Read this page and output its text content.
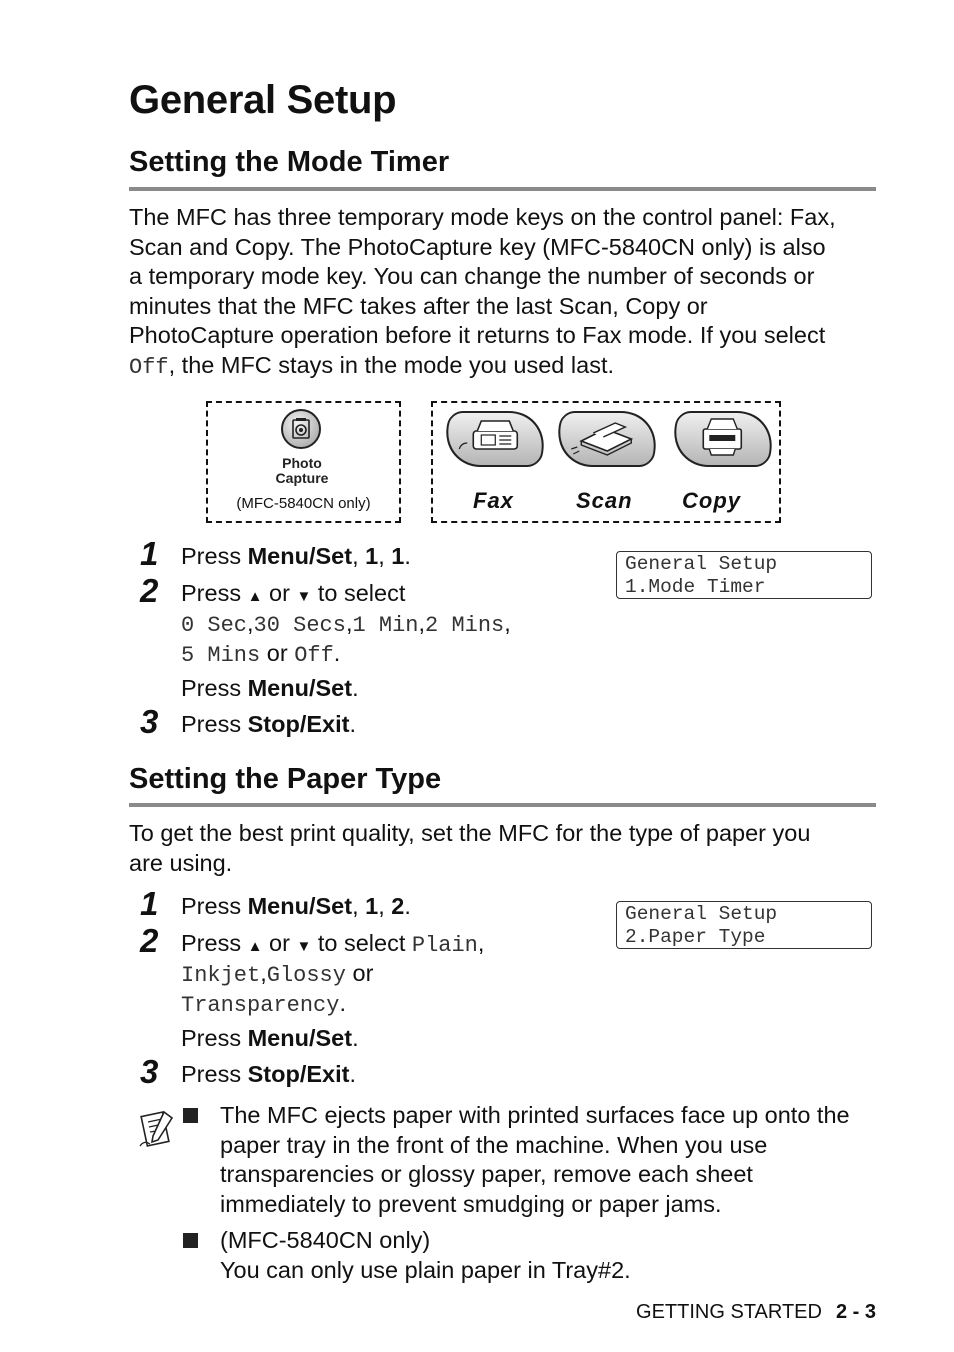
General Setup
Setting the Mode Timer
The MFC has three temporary mode keys on the control panel: Fax,
Scan and Copy. The PhotoCapture key (MFC-5840CN only) is also
a temporary mode key. You can change the number of seconds or
minutes that the MFC takes after the last Scan, Copy or
PhotoCapture operation before it returns to Fax mode. If you select
Off, the MFC stays in the mode you used last.
Photo
Capture
(MFC-5840CN only)	Fax	Scan Copy
1 Press Menu/Set, 1, 1.	General Setup
1.Mode Timer
2 Press ▲ or ▼ to select
0 Sec,30 Secs,1 Min,2 Mins,
5 Mins or Off.
Press Menu/Set.
3 Press Stop/Exit.
Setting the Paper Type
To get the best print quality, set the MFC for the type of paper you
are using.
1 Press Menu/Set, 1, 2.	General Setup
2.Paper Type
2 Press ▲ or ▼ to select Plain,
Inkjet,Glossy or
Transparency.
Press Menu/Set.
3 Press Stop/Exit.
The MFC ejects paper with printed surfaces face up onto the
paper tray in the front of the machine. When you use
transparencies or glossy paper, remove each sheet
immediately to prevent smudging or paper jams.
(MFC-5840CN only)
You can only use plain paper in Tray#2.
GETTING STARTED 2 - 3
